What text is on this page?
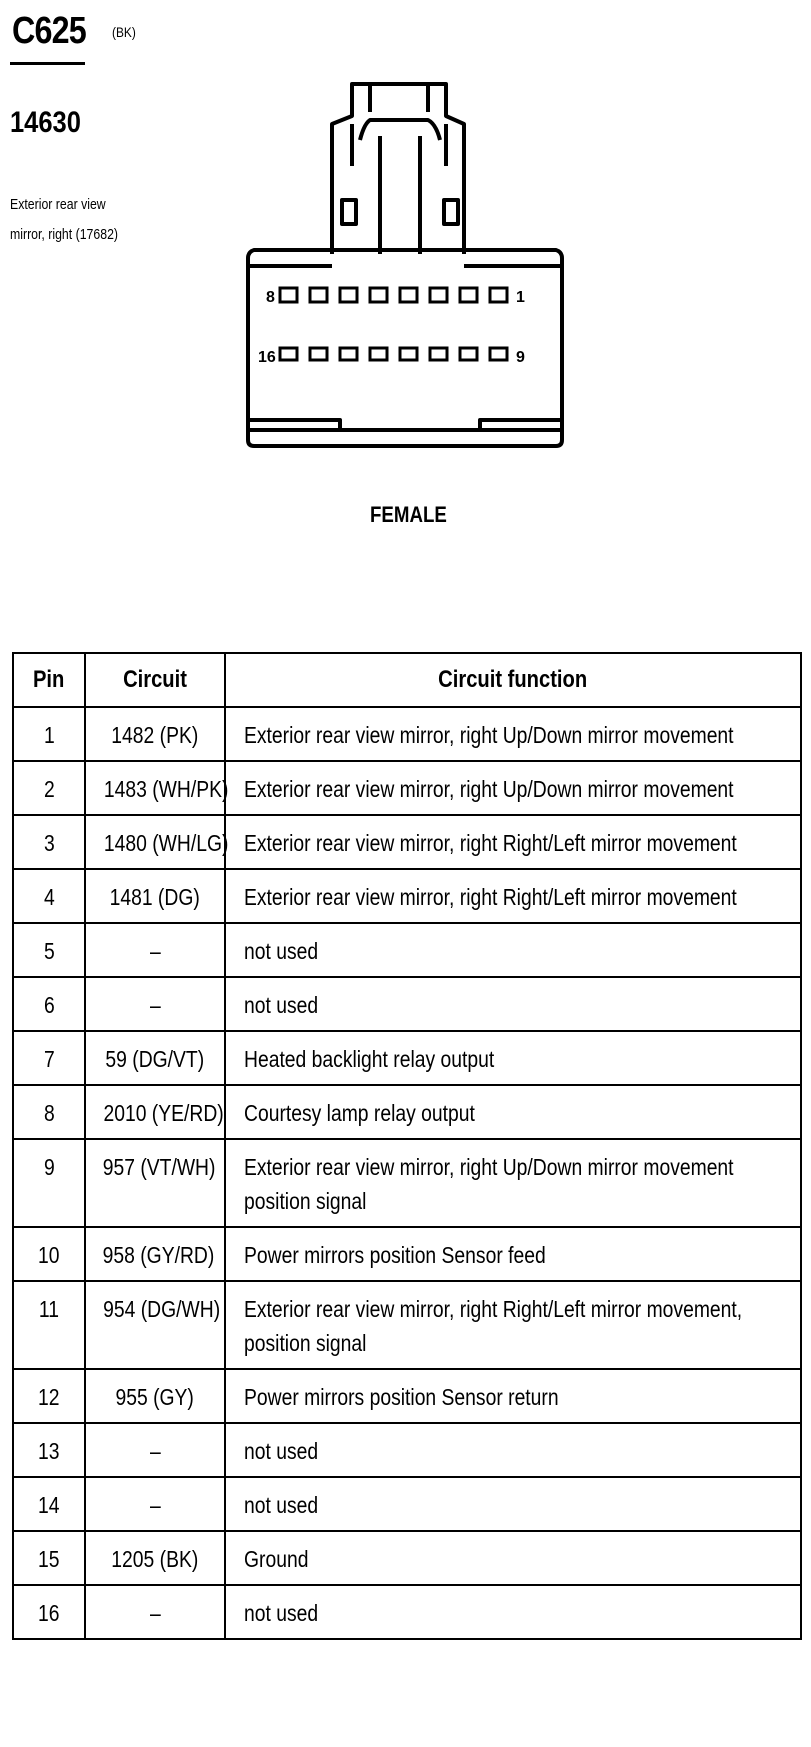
C625 (BK)
14630
Exterior rear view
mirror, right (17682)
8	1
16	9
FEMALE
Pin	Circuit	Circuit function
1	1482 (PK)	Exterior rear view mirror, right Up/Down mirror movement

2	1483 (WH/PK)	Exterior rear view mirror, right Up/Down mirror movement

3	1480 (WH/LG)	Exterior rear view mirror, right Right/Left mirror movement

4	1481 (DG)	Exterior rear view mirror, right Right/Left mirror movement

5	–	not used

6	–	not used

7	59 (DG/VT)	Heated backlight relay output

8	2010 (YE/RD)	Courtesy lamp relay output

9	957 (VT/WH)	Exterior rear view mirror, right Up/Down mirror movement
position signal

10	958 (GY/RD)	Power mirrors position Sensor feed

11	954 (DG/WH)	Exterior rear view mirror, right Right/Left mirror movement,
position signal

12	955 (GY)	Power mirrors position Sensor return

13	–	not used

14	–	not used

15	1205 (BK)	Ground

16	–	not used
